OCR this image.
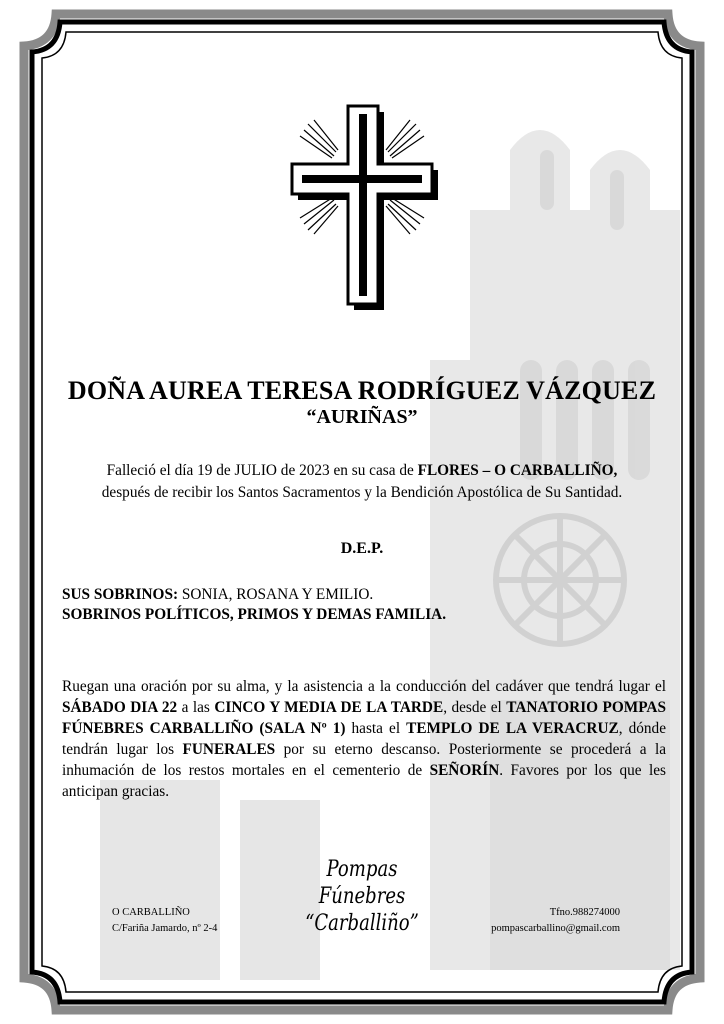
DOÑA AUREA TERESA RODRÍGUEZ VÁZQUEZ
“AURIÑAS”
Falleció el día 19 de JULIO de 2023 en su casa de FLORES – O CARBALLIÑO,
después de recibir los Santos Sacramentos y la Bendición Apostólica de Su Santidad.
D.E.P.
SUS SOBRINOS: SONIA, ROSANA Y EMILIO.
SOBRINOS POLÍTICOS, PRIMOS Y DEMAS FAMILIA.
Ruegan una oración por su alma, y la asistencia a la conducción del cadáver que tendrá lugar el SÁBADO DIA 22 a las CINCO Y MEDIA DE LA TARDE, desde el TANATORIO POMPAS FÚNEBRES CARBALLIÑO (SALA Nº 1) hasta el TEMPLO DE LA VERACRUZ, dónde tendrán lugar los FUNERALES por su eterno descanso. Posteriormente se procederá a la inhumación de los restos mortales en el cementerio de SEÑORÍN. Favores por los que les anticipan gracias.
Pompas Fúnebres
“Carballiño”
O CARBALLIÑO
C/Fariña Jamardo, nº 2-4
Tfno.988274000
pompascarballino@gmail.com
